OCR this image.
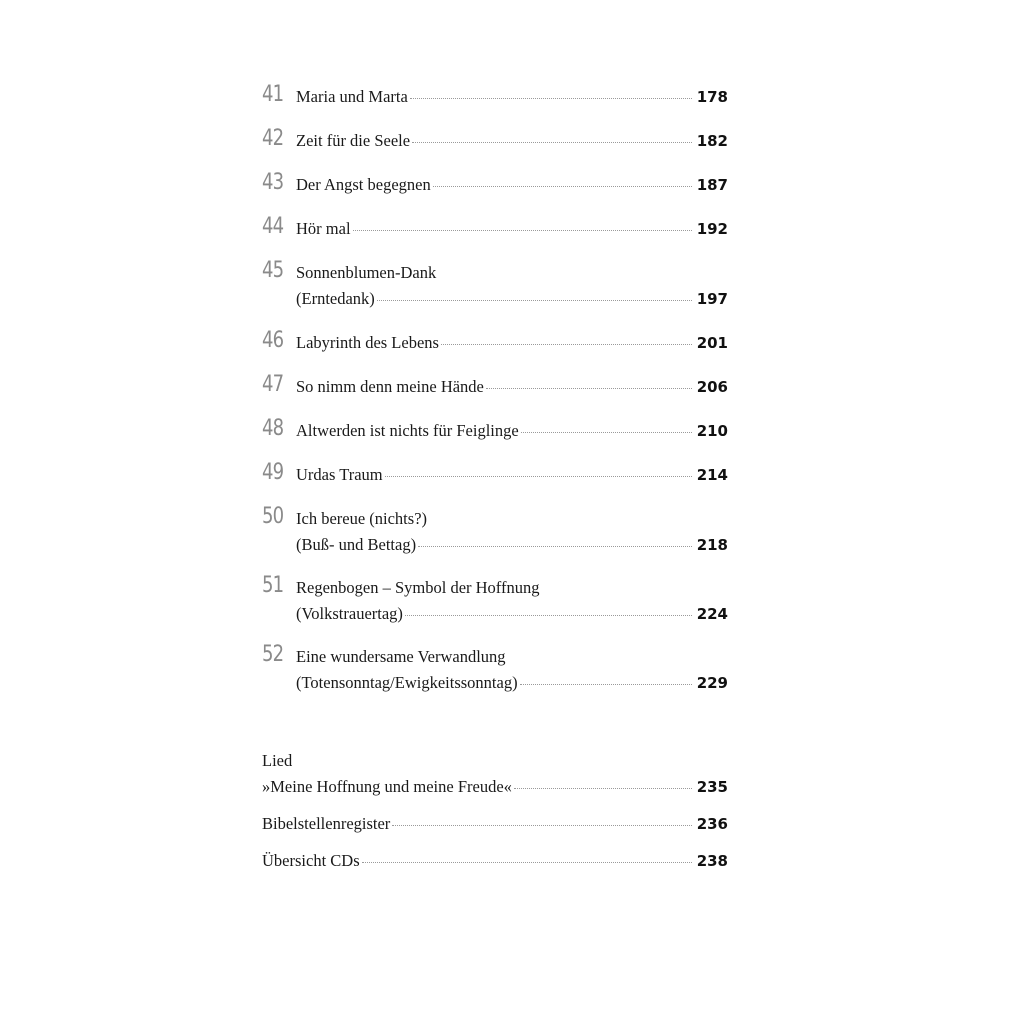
41 Maria und Marta	178
42 Zeit für die Seele	182
43 Der Angst begegnen	187
44 Hör mal	192
45 Sonnenblumen-Dank
(Erntedank)	197
46 Labyrinth des Lebens	201
47 So nimm denn meine Hände	206
48 Altwerden ist nichts für Feiglinge	210
49 Urdas Traum	214
50 Ich bereue (nichts?)
(Buß- und Bettag)	218
51 Regenbogen – Symbol der Hoffnung
(Volkstrauertag)	224
52 Eine wundersame Verwandlung
(Totensonntag/Ewigkeitssonntag)	229
Lied
»Meine Hoffnung und meine Freude«	235
Bibelstellenregister	236
Übersicht CDs	238
